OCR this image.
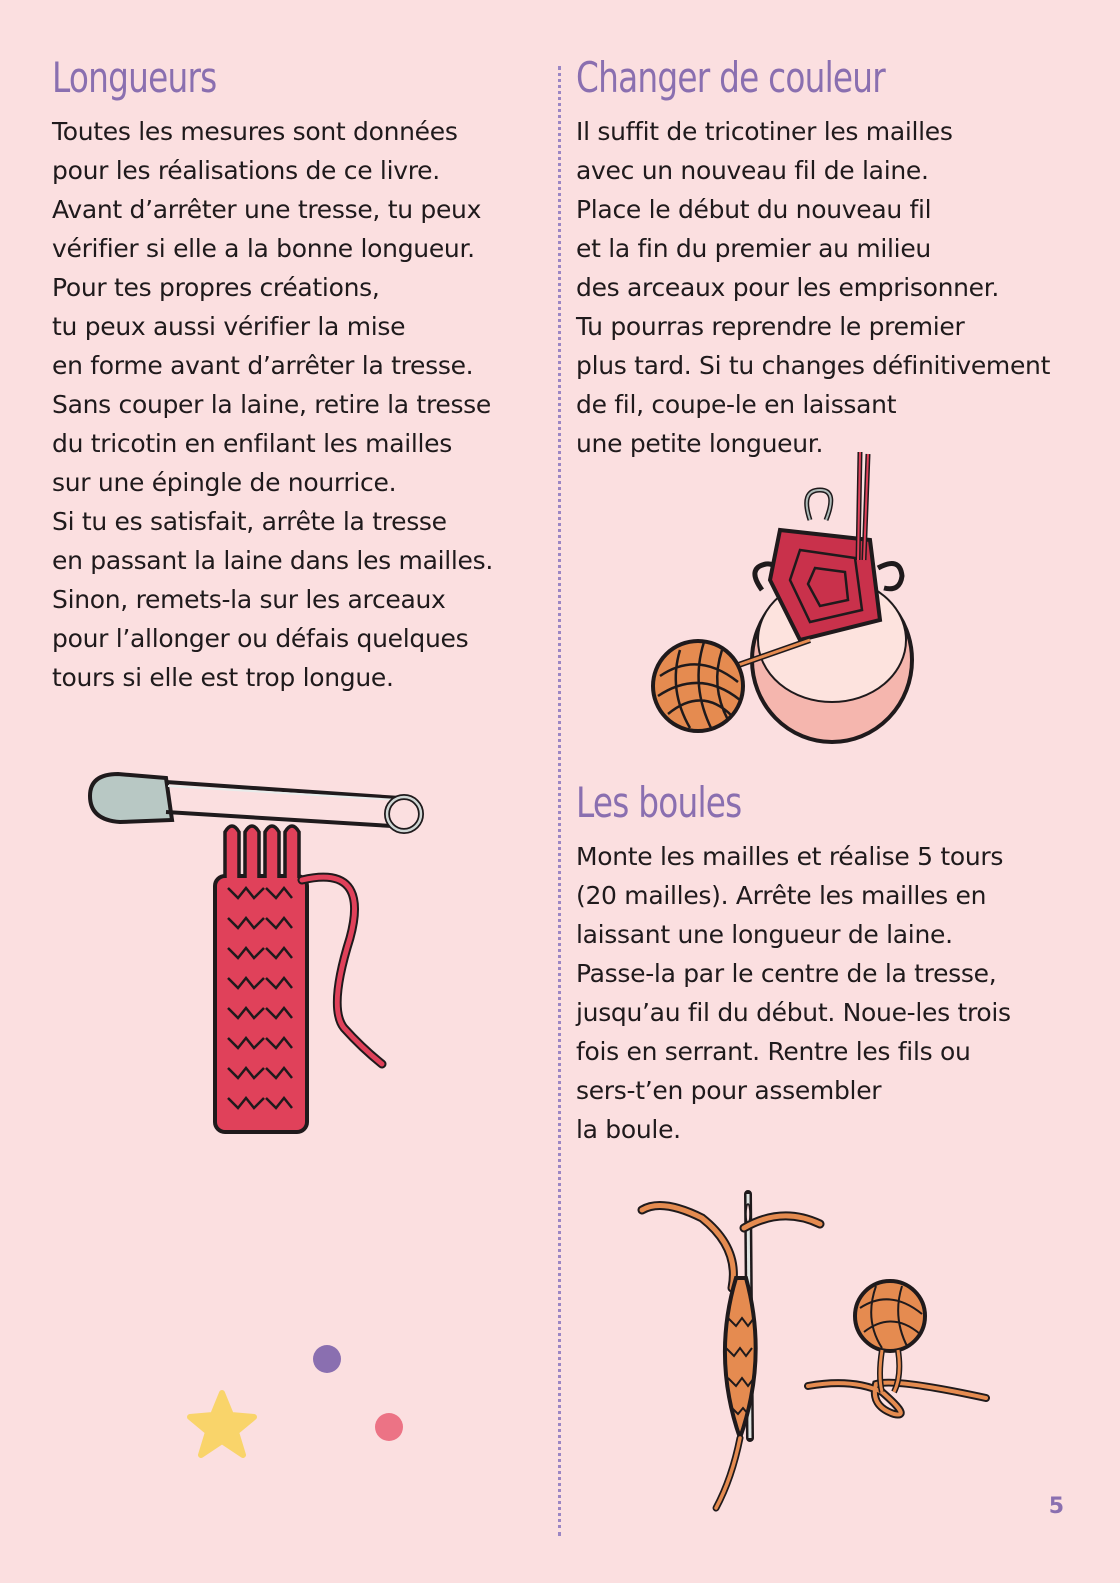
Longueurs

Toutes les mesures sont données

pour les réalisations de ce livre.

Avant d’arrêter une tresse, tu peux

vérifier si elle a la bonne longueur.

Pour tes propres créations,

tu peux aussi vérifier la mise

en forme avant d’arrêter la tresse.

Sans couper la laine, retire la tresse

du tricotin en enfilant les mailles

sur une épingle de nourrice.

Si tu es satisfait, arrête la tresse

en passant la laine dans les mailles.

Sinon, remets-la sur les arceaux

pour l’allonger ou défais quelques

tours si elle est trop longue.

Changer de couleur

Il suffit de tricotiner les mailles

avec un nouveau fil de laine.

Place le début du nouveau fil

et la fin du premier au milieu

des arceaux pour les emprisonner.

Tu pourras reprendre le premier

plus tard. Si tu changes définitivement

de fil, coupe-le en laissant

une petite longueur.

Les boules

Monte les mailles et réalise 5 tours

(20 mailles). Arrête les mailles en

laissant une longueur de laine.

Passe-la par le centre de la tresse,

jusqu’au fil du début. Noue-les trois

fois en serrant. Rentre les fils ou

sers-t’en pour assembler

la boule.

5
